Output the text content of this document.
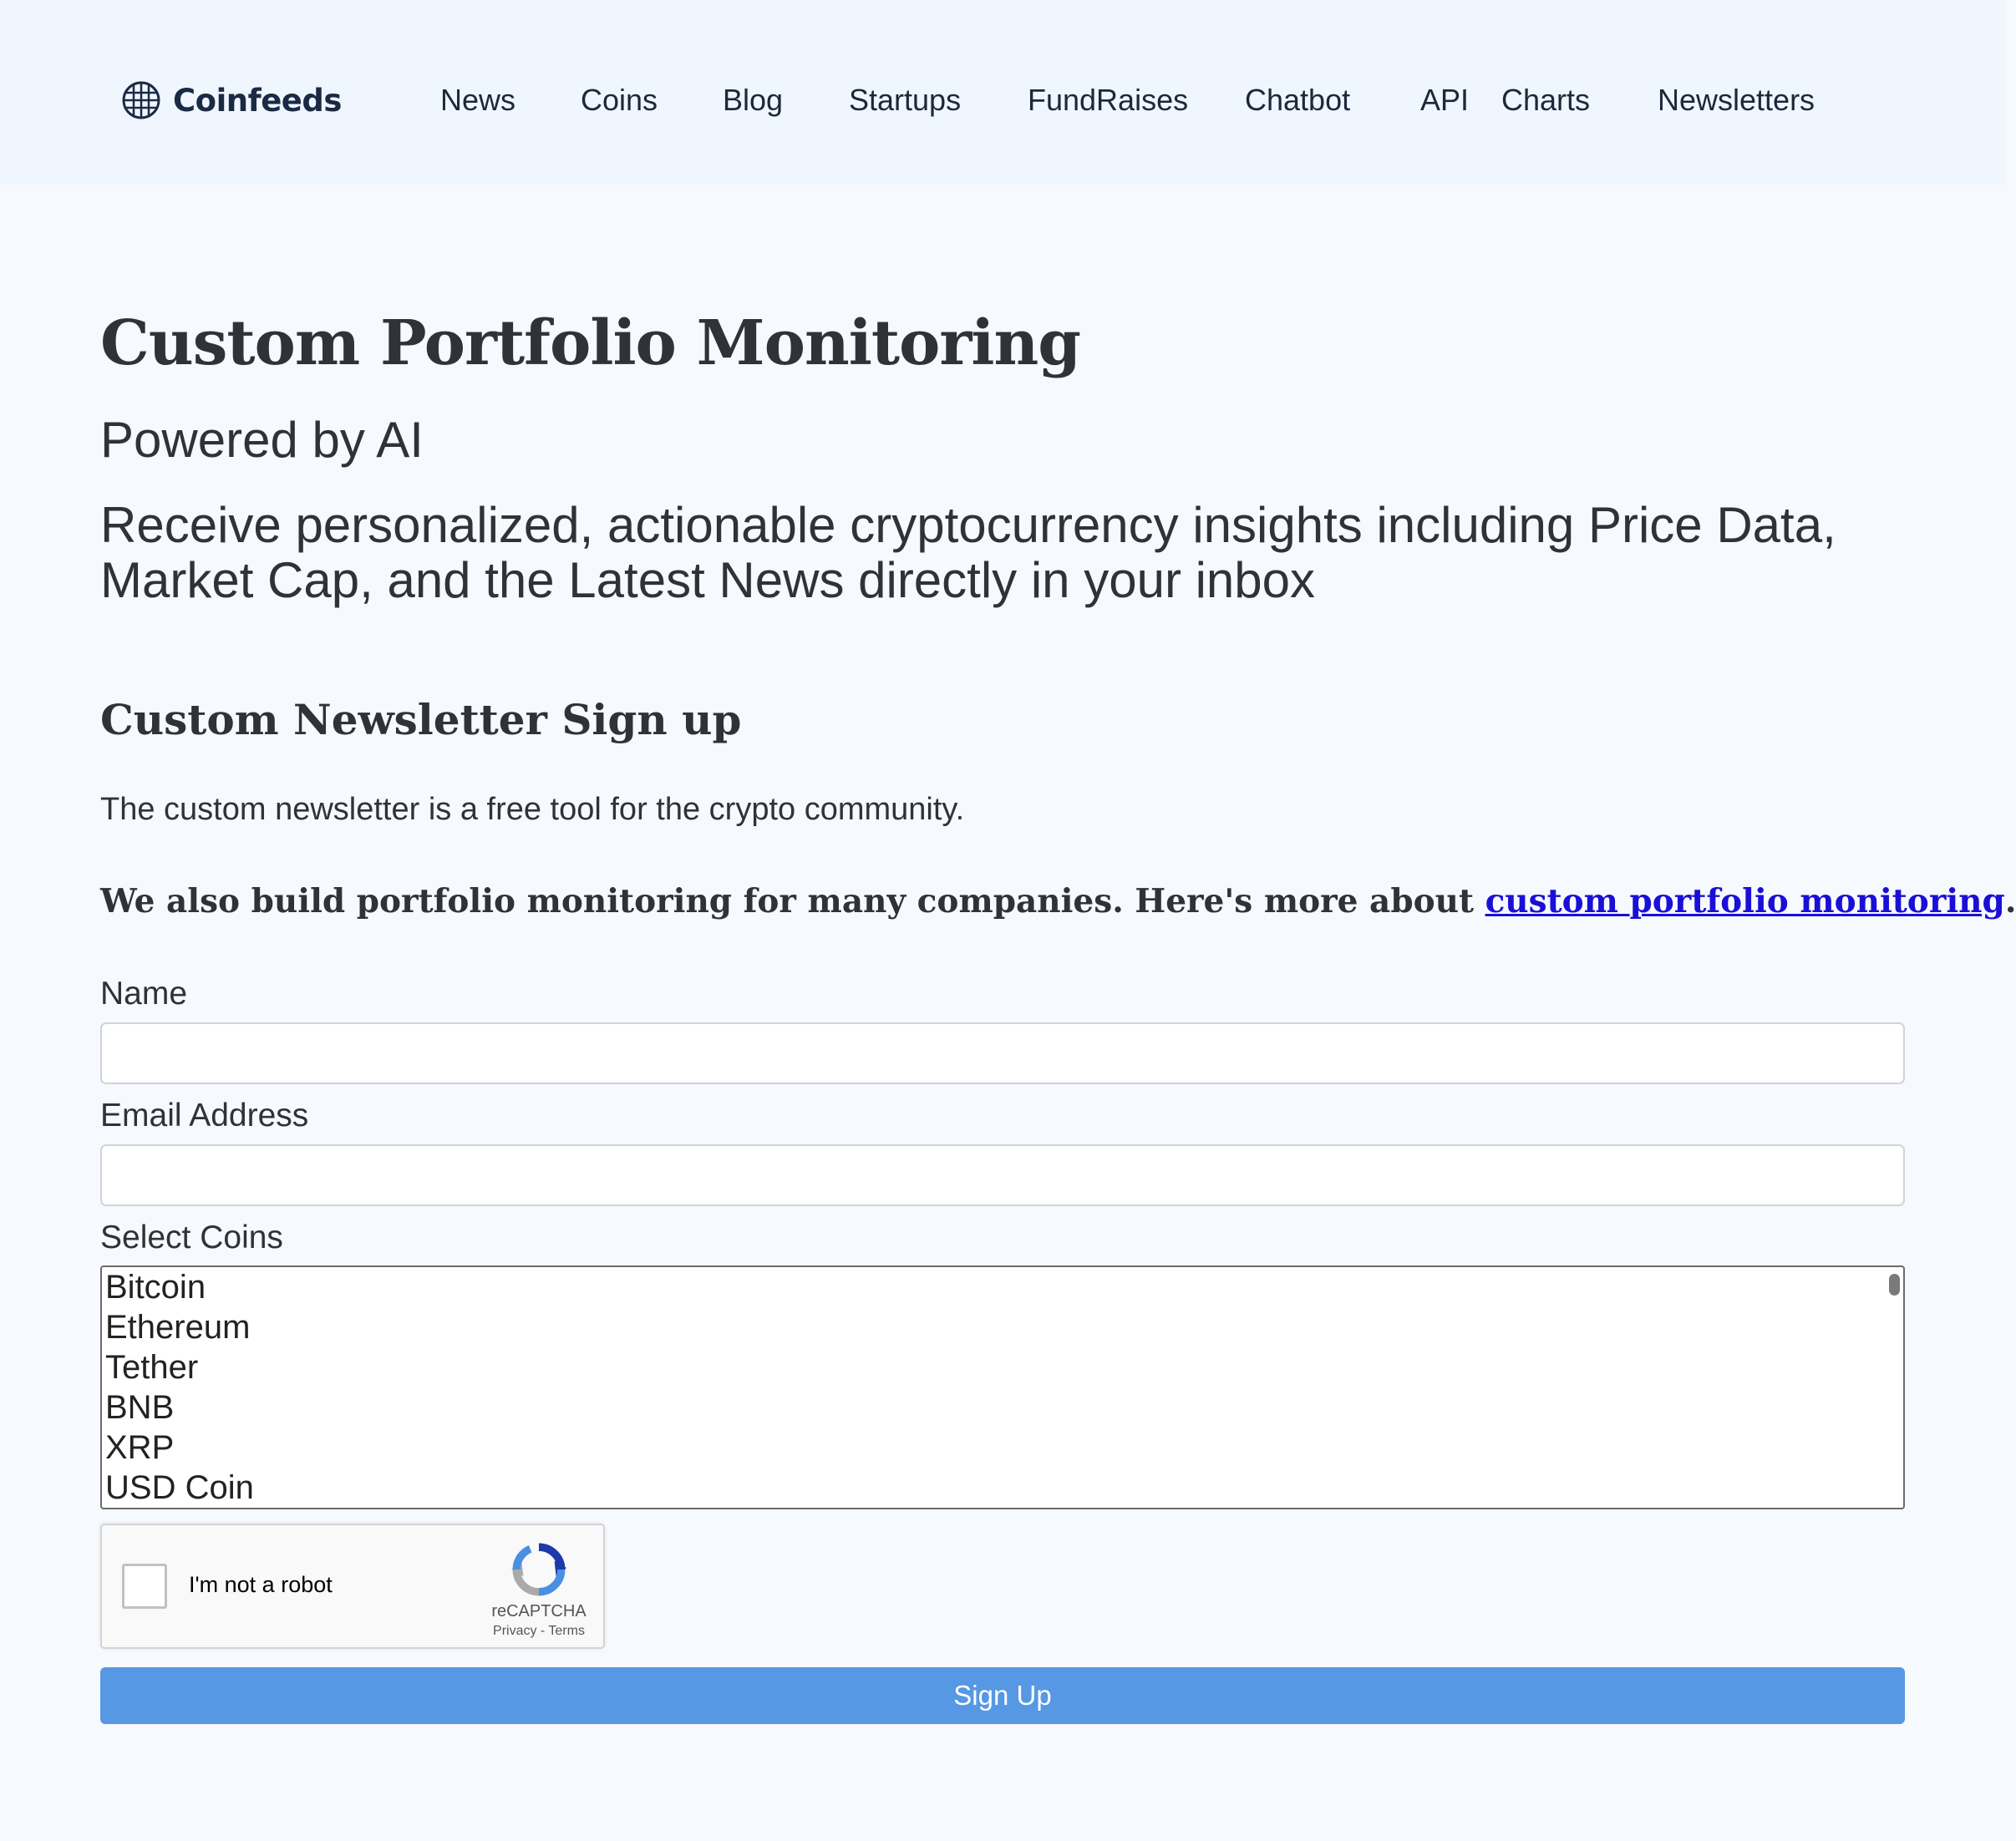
Coinfeeds	News Coins Blog Startups FundRaises Chatbot API Charts Newsletters
Custom Portfolio Monitoring
Powered by AI
Receive personalized, actionable cryptocurrency insights including Price Data, Market Cap, and the Latest News directly in your inbox
Custom Newsletter Sign up

The custom newsletter is a free tool for the crypto community.

We also build portfolio monitoring for many companies. Here's more about custom portfolio monitoring.

Name
Email Address
Select Coins
Bitcoin
Ethereum
Tether
BNB
XRP
USD Coin
I'm not a robot
reCAPTCHA
Privacy - Terms
Sign Up
